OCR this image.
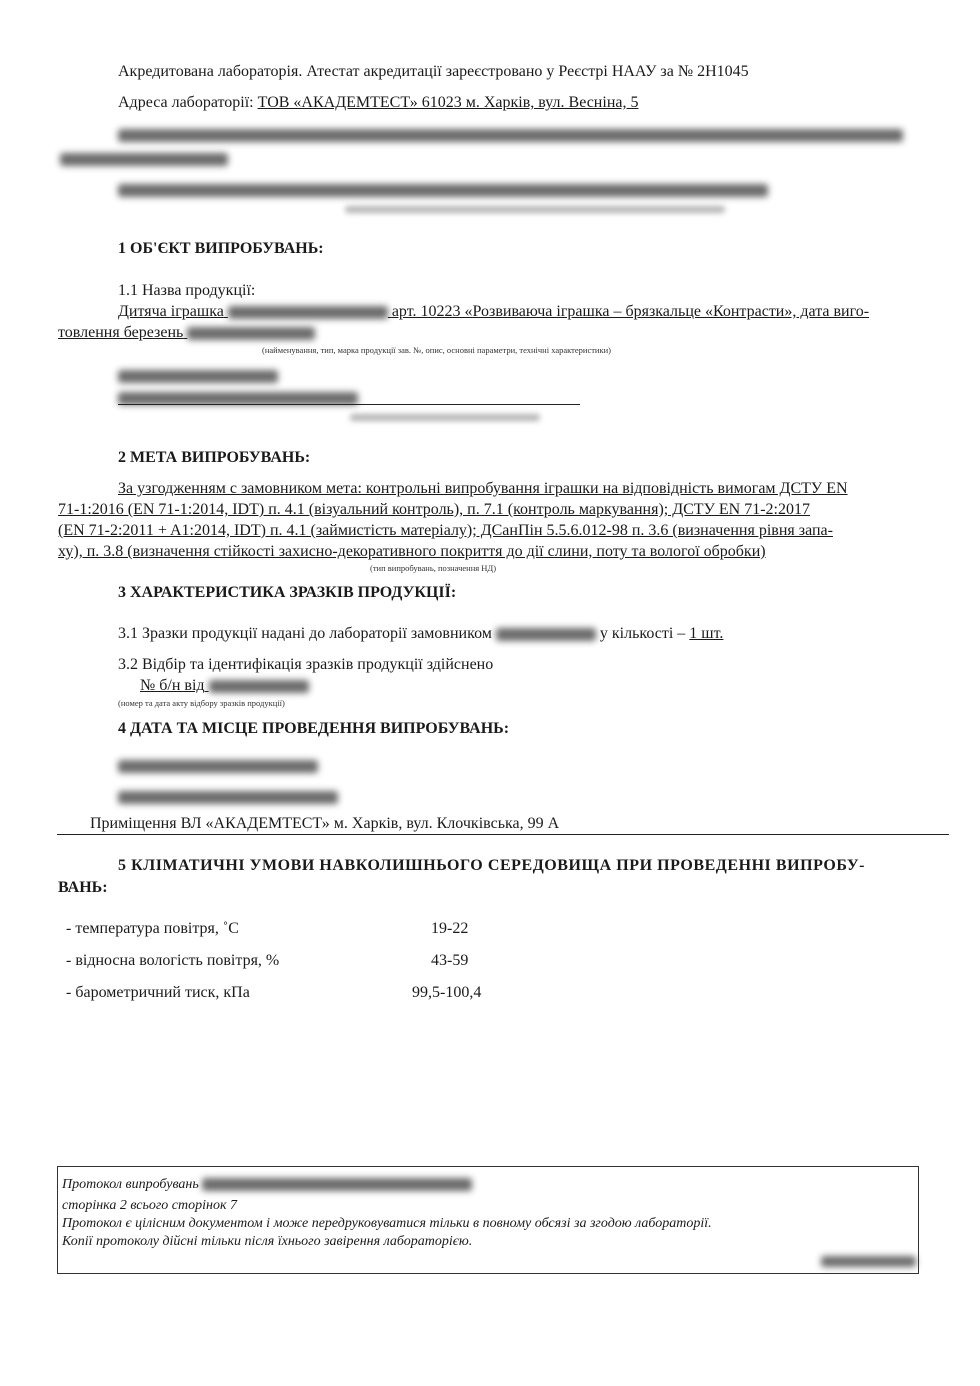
Акредитована лабораторія. Атестат акредитації зареєстровано у Реєстрі НААУ за № 2Н1045
Адреса лабораторії: ТОВ «АКАДЕМТЕСТ» 61023 м. Харків, вул. Весніна, 5
1 ОБ'ЄКТ ВИПРОБУВАНЬ:
1.1 Назва продукції:
Дитяча іграшка	арт. 10223 «Розвиваюча іграшка – брязкальце «Контрасти», дата виго-
товлення березень
(найменування, тип, марка продукції зав. №, опис, основні параметри, технічні характеристики)
2 МЕТА ВИПРОБУВАНЬ:
За узгодженням с замовником мета: контрольні випробування іграшки на відповідність вимогам ДСТУ EN
71-1:2016 (EN 71-1:2014, IDT) п. 4.1 (візуальний контроль), п. 7.1 (контроль маркування); ДСТУ EN 71-2:2017
(EN 71-2:2011 + A1:2014, IDT) п. 4.1 (займистість матеріалу); ДСанПін 5.5.6.012-98 п. 3.6 (визначення рівня запа-
ху), п. 3.8 (визначення стійкості захисно-декоративного покриття до дії слини, поту та вологої обробки)
(тип випробувань, позначення НД)
3 ХАРАКТЕРИСТИКА ЗРАЗКІВ ПРОДУКЦІЇ:
3.1 Зразки продукції надані до лабораторії замовником	у кількості – 1 шт.
3.2 Відбір та ідентифікація зразків продукції здійснено
№ б/н від
(номер та дата акту відбору зразків продукції)
4 ДАТА ТА МІСЦЕ ПРОВЕДЕННЯ ВИПРОБУВАНЬ:
Приміщення ВЛ «АКАДЕМТЕСТ» м. Харків, вул. Клочківська, 99 А
5 КЛІМАТИЧНІ УМОВИ НАВКОЛИШНЬОГО СЕРЕДОВИЩА ПРИ ПРОВЕДЕННІ ВИПРОБУ-
ВАНЬ:
- температура повітря, ˚С	19-22
- відносна вологість повітря, %	43-59
- барометричний тиск, кПа	99,5-100,4
Протокол випробувань
сторінка 2 всього сторінок 7
Протокол є цілісним документом і може передруковуватися тільки в повному обсязі за згодою лабораторії.
Копії протоколу дійсні тільки після їхнього завірення лабораторією.
